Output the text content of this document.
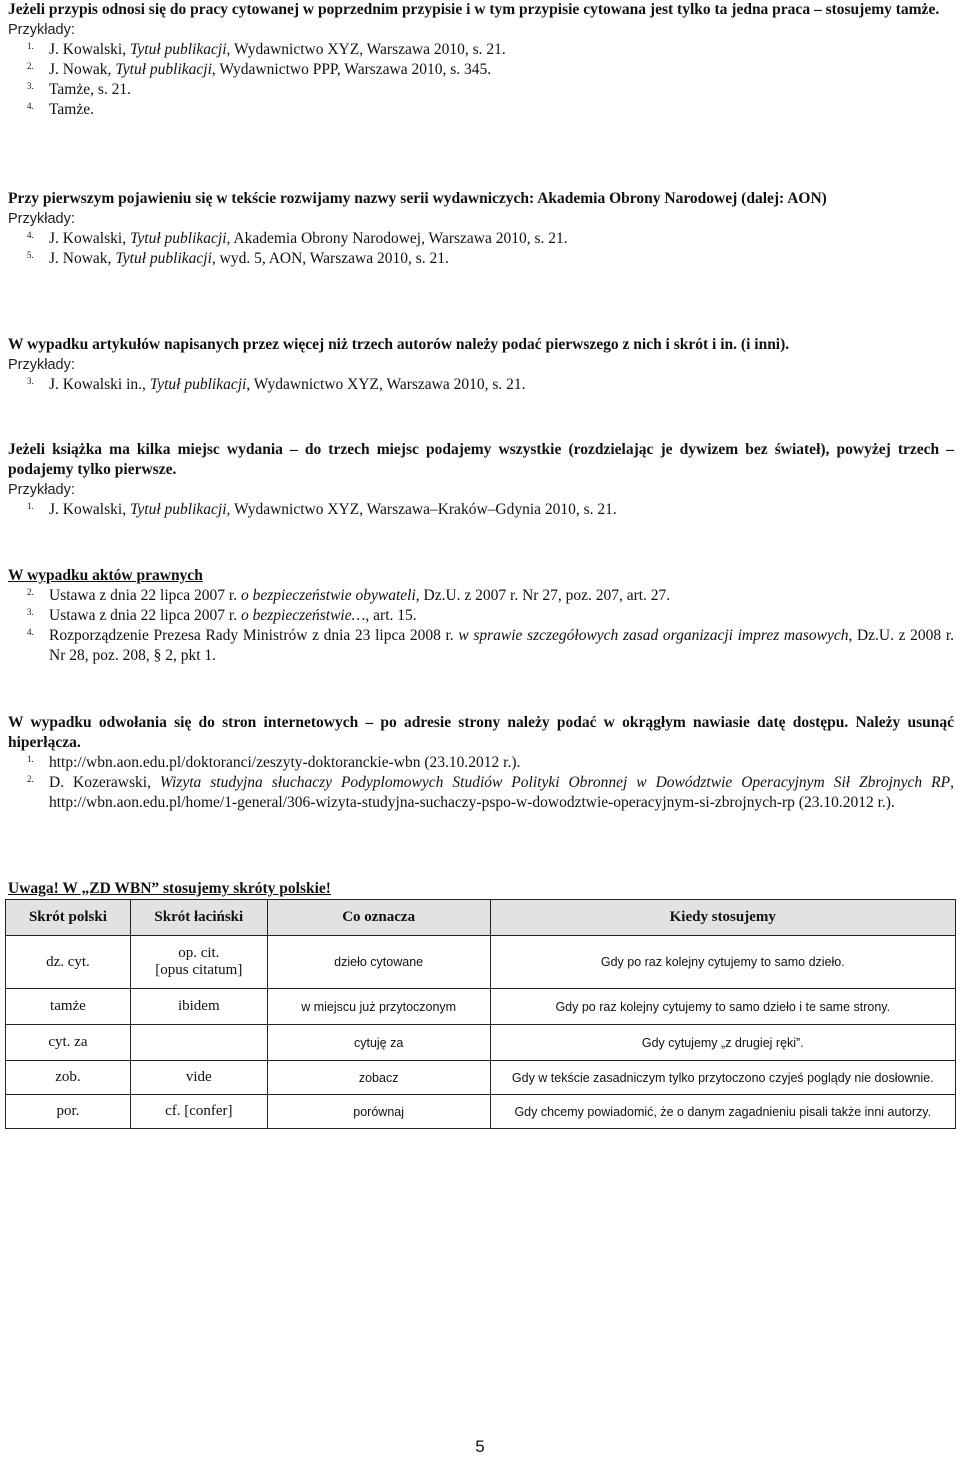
Jeżeli przypis odnosi się do pracy cytowanej w poprzednim przypisie i w tym przypisie cytowana jest tylko ta jedna praca – stosujemy tamże.
Przykłady:
1. J. Kowalski, Tytuł publikacji, Wydawnictwo XYZ, Warszawa 2010, s. 21.
2. J. Nowak, Tytuł publikacji, Wydawnictwo PPP, Warszawa 2010, s. 345.
3. Tamże, s. 21.
4. Tamże.
Przy pierwszym pojawieniu się w tekście rozwijamy nazwy serii wydawniczych: Akademia Obrony Narodowej (dalej: AON)
Przykłady:
4. J. Kowalski, Tytuł publikacji, Akademia Obrony Narodowej, Warszawa 2010, s. 21.
5. J. Nowak, Tytuł publikacji, wyd. 5, AON, Warszawa 2010, s. 21.
W wypadku artykułów napisanych przez więcej niż trzech autorów należy podać pierwszego z nich i skrót i in. (i inni).
Przykłady:
3. J. Kowalski in., Tytuł publikacji, Wydawnictwo XYZ, Warszawa 2010, s. 21.
Jeżeli książka ma kilka miejsc wydania – do trzech miejsc podajemy wszystkie (rozdzielając je dywizem bez świateł), powyżej trzech – podajemy tylko pierwsze.
Przykłady:
1. J. Kowalski, Tytuł publikacji, Wydawnictwo XYZ, Warszawa–Kraków–Gdynia 2010, s. 21.
W wypadku aktów prawnych
2. Ustawa z dnia 22 lipca 2007 r. o bezpieczeństwie obywateli, Dz.U. z 2007 r. Nr 27, poz. 207, art. 27.
3. Ustawa z dnia 22 lipca 2007 r. o bezpieczeństwie…, art. 15.
4. Rozporządzenie Prezesa Rady Ministrów z dnia 23 lipca 2008 r. w sprawie szczegółowych zasad organizacji imprez masowych, Dz.U. z 2008 r. Nr 28, poz. 208, § 2, pkt 1.
W wypadku odwołania się do stron internetowych – po adresie strony należy podać w okrągłym nawiasie datę dostępu. Należy usunąć hiperłącza.
1. http://wbn.aon.edu.pl/doktoranci/zeszyty-doktoranckie-wbn (23.10.2012 r.).
2. D. Kozerawski, Wizyta studyjna słuchaczy Podyplomowych Studiów Polityki Obronnej w Dowództwie Operacyjnym Sił Zbrojnych RP, http://wbn.aon.edu.pl/home/1-general/306-wizyta-studyjna-suchaczy-pspo-w-dowodztwie-operacyjnym-si-zbrojnych-rp (23.10.2012 r.).
Uwaga! W „ZD WBN” stosujemy skróty polskie!
Skrót polski	Skrót łaciński	Co oznacza	Kiedy stosujemy
dz. cyt.	op. cit.
[opus citatum]	dzieło cytowane	Gdy po raz kolejny cytujemy to samo dzieło.
tamże	ibidem	w miejscu już przytoczonym	Gdy po raz kolejny cytujemy to samo dzieło i te same strony.
cyt. za		cytuję za	Gdy cytujemy „z drugiej ręki”.
zob.	vide	zobacz	Gdy w tekście zasadniczym tylko przytoczono czyjeś poglądy nie dosłownie.
por.	cf. [confer]	porównaj	Gdy chcemy powiadomić, że o danym zagadnieniu pisali także inni autorzy.
5
